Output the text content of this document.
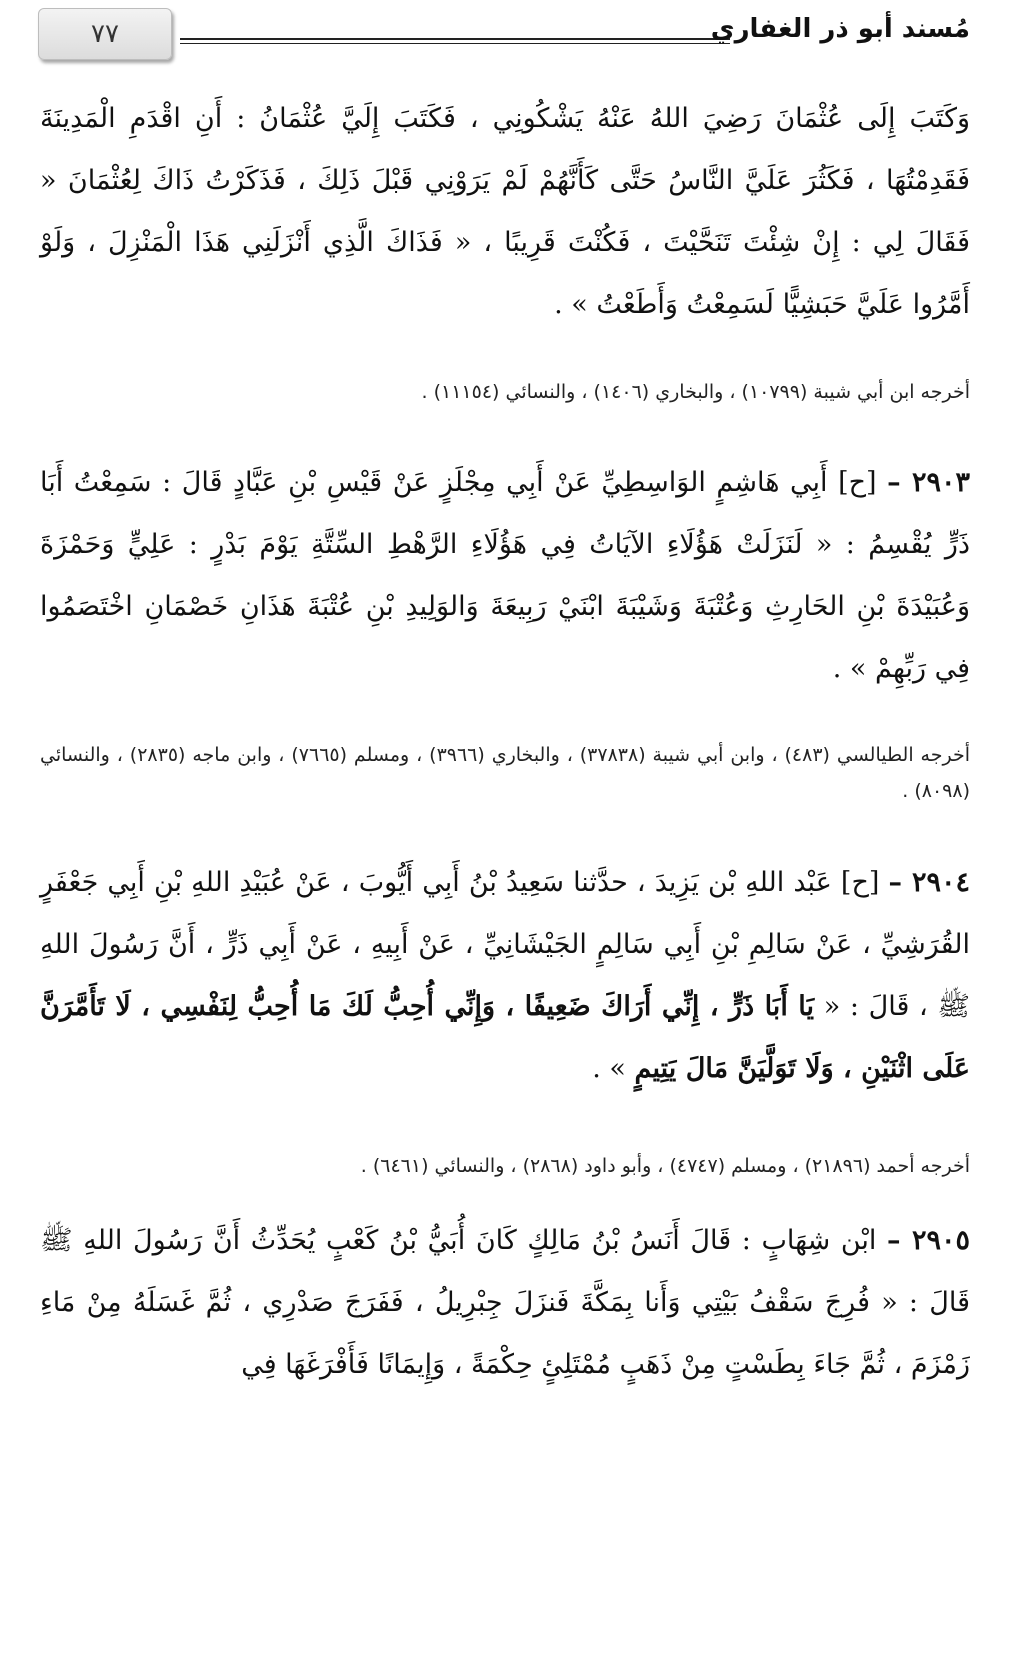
٧٧	مُسند أبو ذر الغفاري
وَكَتَبَ إِلَى عُثْمَانَ رَضِيَ اللهُ عَنْهُ يَشْكُونِي ، فَكَتَبَ إِلَيَّ عُثْمَانُ : أَنِ اقْدَمِ الْمَدِينَةَ فَقَدِمْتُهَا ، فَكَثُرَ عَلَيَّ النَّاسُ حَتَّى كَأَنَّهُمْ لَمْ يَرَوْنِي قَبْلَ ذَلِكَ ، فَذَكَرْتُ ذَاكَ لِعُثْمَانَ « فَقَالَ لِي : إِنْ شِئْتَ تَنَحَّيْتَ ، فَكُنْتَ قَرِيبًا ، « فَذَاكَ الَّذِي أَنْزَلَنِي هَذَا الْمَنْزِلَ ، وَلَوْ أَمَّرُوا عَلَيَّ حَبَشِيًّا لَسَمِعْتُ وَأَطَعْتُ » .
أخرجه ابن أبي شيبة (١٠٧٩٩) ، والبخاري (١٤٠٦) ، والنسائي (١١١٥٤) .
٢٩٠٣ – [ح] أَبِي هَاشِمٍ الوَاسِطِيِّ عَنْ أَبِي مِجْلَزٍ عَنْ قَيْسِ بْنِ عَبَّادٍ قَالَ : سَمِعْتُ أَبَا ذَرٍّ يُقْسِمُ : « لَنَزَلَتْ هَؤُلَاءِ الآيَاتُ فِي هَؤُلَاءِ الرَّهْطِ السِّتَّةِ يَوْمَ بَدْرٍ : عَلِيٍّ وَحَمْزَةَ وَعُبَيْدَةَ بْنِ الحَارِثِ وَعُتْبَةَ وَشَيْبَةَ ابْنَيْ رَبِيعَةَ وَالوَلِيدِ بْنِ عُتْبَةَ هَذَانِ خَصْمَانِ اخْتَصَمُوا فِي رَبِّهِمْ » .
أخرجه الطيالسي (٤٨٣) ، وابن أبي شيبة (٣٧٨٣٨) ، والبخاري (٣٩٦٦) ، ومسلم (٧٦٦٥) ، وابن ماجه (٢٨٣٥) ، والنسائي (٨٠٩٨) .
٢٩٠٤ – [ح] عَبْد اللهِ بْن يَزِيدَ ، حدَّثنا سَعِيدُ بْنُ أَبِي أَيُّوبَ ، عَنْ عُبَيْدِ اللهِ بْنِ أَبِي جَعْفَرٍ القُرَشِيِّ ، عَنْ سَالِمِ بْنِ أَبِي سَالِمٍ الجَيْشَانِيِّ ، عَنْ أَبِيهِ ، عَنْ أَبِي ذَرٍّ ، أَنَّ رَسُولَ اللهِ ﷺ ، قَالَ : « يَا أَبَا ذَرٍّ ، إِنِّي أَرَاكَ ضَعِيفًا ، وَإِنِّي أُحِبُّ لَكَ مَا أُحِبُّ لِنَفْسِي ، لَا تَأَمَّرَنَّ عَلَى اثْنَيْنِ ، وَلَا تَوَلَّيَنَّ مَالَ يَتِيمٍ » .
أخرجه أحمد (٢١٨٩٦) ، ومسلم (٤٧٤٧) ، وأبو داود (٢٨٦٨) ، والنسائي (٦٤٦١) .
٢٩٠٥ – ابْن شِهَابٍ : قَالَ أَنَسُ بْنُ مَالِكٍ كَانَ أُبَيُّ بْنُ كَعْبٍ يُحَدِّثُ أَنَّ رَسُولَ اللهِ ﷺ قَالَ : « فُرِجَ سَقْفُ بَيْتِي وَأَنا بِمَكَّةَ فَنزَلَ جِبْرِيلُ ، فَفَرَجَ صَدْرِي ، ثُمَّ غَسَلَهُ مِنْ مَاءِ زَمْزَمَ ، ثُمَّ جَاءَ بِطَسْتٍ مِنْ ذَهَبٍ مُمْتَلِئٍ حِكْمَةً ، وَإِيمَانًا فَأَفْرَغَهَا فِي
